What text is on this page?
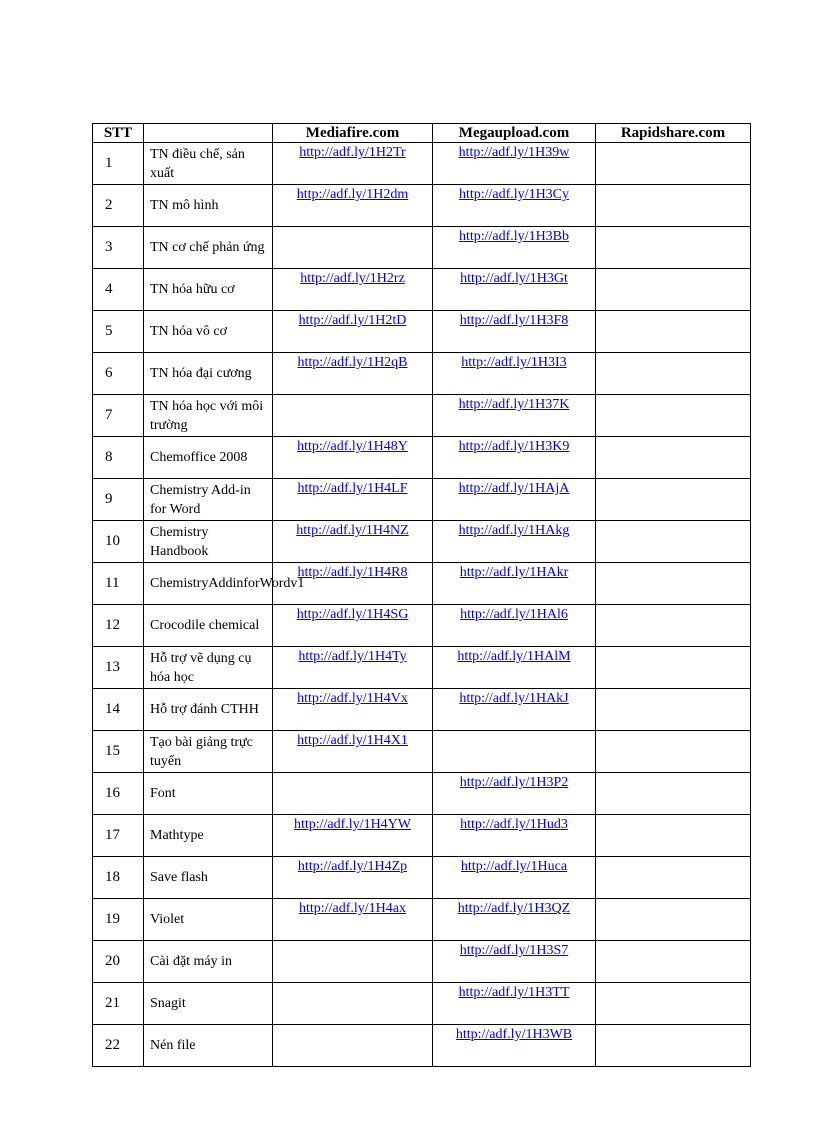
STT		Mediafire.com	Megaupload.com	Rapidshare.com
1	TN điều chế, sản xuất	http://adf.ly/1H2Tr	http://adf.ly/1H39w	
2	TN mô hình	http://adf.ly/1H2dm	http://adf.ly/1H3Cy	
3	TN cơ chế phản ứng		http://adf.ly/1H3Bb	
4	TN hóa hữu cơ	http://adf.ly/1H2rz	http://adf.ly/1H3Gt	
5	TN hóa vô cơ	http://adf.ly/1H2tD	http://adf.ly/1H3F8	
6	TN hóa đại cương	http://adf.ly/1H2qB	http://adf.ly/1H3I3	
7	TN hóa học với môi trường		http://adf.ly/1H37K	
8	Chemoffice 2008	http://adf.ly/1H48Y	http://adf.ly/1H3K9	
9	Chemistry Add-in for Word	http://adf.ly/1H4LF	http://adf.ly/1HAjA	
10	Chemistry Handbook	http://adf.ly/1H4NZ	http://adf.ly/1HAkg	
11	ChemistryAddinforWordv1	http://adf.ly/1H4R8	http://adf.ly/1HAkr	
12	Crocodile chemical	http://adf.ly/1H4SG	http://adf.ly/1HAl6	
13	Hỗ trợ vẽ dụng cụ hóa học	http://adf.ly/1H4Ty	http://adf.ly/1HAlM	
14	Hỗ trợ đánh CTHH	http://adf.ly/1H4Vx	http://adf.ly/1HAkJ	
15	Tạo bài giảng trực tuyến	http://adf.ly/1H4X1		
16	Font		http://adf.ly/1H3P2	
17	Mathtype	http://adf.ly/1H4YW	http://adf.ly/1Hud3	
18	Save flash	http://adf.ly/1H4Zp	http://adf.ly/1Huca	
19	Violet	http://adf.ly/1H4ax	http://adf.ly/1H3QZ	
20	Cài đặt máy in		http://adf.ly/1H3S7	
21	Snagit		http://adf.ly/1H3TT	
22	Nén file		http://adf.ly/1H3WB	
